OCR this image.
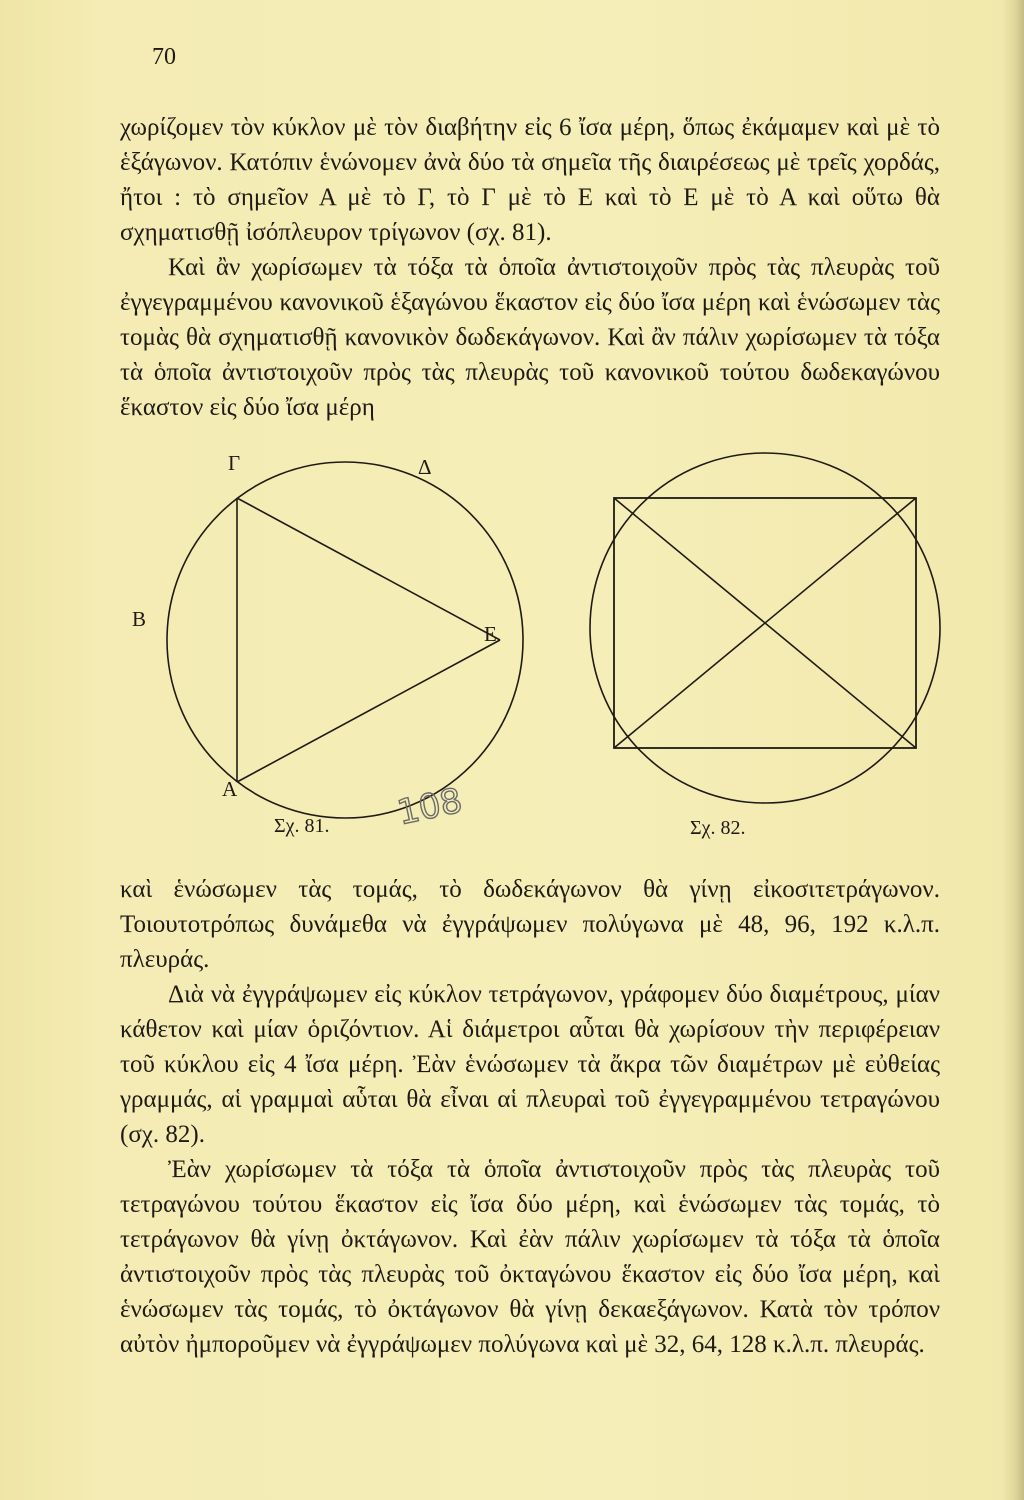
70

χωρίζομεν τὸν κύκλον μὲ τὸν διαβήτην εἰς 6 ἴσα μέρη, ὅπως ἐκάμαμεν καὶ μὲ τὸ ἑξάγωνον. Κατόπιν ἑνώνομεν ἀνὰ δύο τὰ σημεῖα τῆς διαιρέσεως μὲ τρεῖς χορδάς, ἤτοι : τὸ σημεῖον Α μὲ τὸ Γ, τὸ Γ μὲ τὸ Ε καὶ τὸ Ε μὲ τὸ Α καὶ οὕτω θὰ σχηματισθῇ ἰσόπλευρον τρίγωνον (σχ. 81).

Καὶ ἂν χωρίσωμεν τὰ τόξα τὰ ὁποῖα ἀντιστοιχοῦν πρὸς τὰς πλευρὰς τοῦ ἐγγεγραμμένου κανονικοῦ ἑξαγώνου ἕκαστον εἰς δύο ἴσα μέρη καὶ ἑνώσωμεν τὰς τομὰς θὰ σχηματισθῇ κανονικὸν δωδεκάγωνον. Καὶ ἂν πάλιν χωρίσωμεν τὰ τόξα τὰ ὁποῖα ἀντιστοιχοῦν πρὸς τὰς πλευρὰς τοῦ κανονικοῦ τούτου δωδεκαγώνου ἕκαστον εἰς δύο ἴσα μέρη

Γ	Δ
Β
Ε
Α
Σχ. 81. 108	Σχ. 82.

καὶ ἑνώσωμεν τὰς τομάς, τὸ δωδεκάγωνον θὰ γίνῃ εἰκοσιτετράγωνον. Τοιουτοτρόπως δυνάμεθα νὰ ἐγγράψωμεν πολύγωνα μὲ 48, 96, 192 κ.λ.π. πλευράς.

Διὰ νὰ ἐγγράψωμεν εἰς κύκλον τετράγωνον, γράφομεν δύο διαμέτρους, μίαν κάθετον καὶ μίαν ὁριζόντιον. Αἱ διάμετροι αὗται θὰ χωρίσουν τὴν περιφέρειαν τοῦ κύκλου εἰς 4 ἴσα μέρη. Ἐὰν ἑνώσωμεν τὰ ἄκρα τῶν διαμέτρων μὲ εὐθείας γραμμάς, αἱ γραμμαὶ αὗται θὰ εἶναι αἱ πλευραὶ τοῦ ἐγγεγραμμένου τετραγώνου (σχ. 82).

Ἐὰν χωρίσωμεν τὰ τόξα τὰ ὁποῖα ἀντιστοιχοῦν πρὸς τὰς πλευρὰς τοῦ τετραγώνου τούτου ἕκαστον εἰς ἴσα δύο μέρη, καὶ ἑνώσωμεν τὰς τομάς, τὸ τετράγωνον θὰ γίνῃ ὀκτάγωνον. Καὶ ἐὰν πάλιν χωρίσωμεν τὰ τόξα τὰ ὁποῖα ἀντιστοιχοῦν πρὸς τὰς πλευρὰς τοῦ ὀκταγώνου ἕκαστον εἰς δύο ἴσα μέρη, καὶ ἑνώσωμεν τὰς τομάς, τὸ ὀκτάγωνον θὰ γίνῃ δεκαεξάγωνον. Κατὰ τὸν τρόπον αὐτὸν ἠμποροῦμεν νὰ ἐγγράψωμεν πολύγωνα καὶ μὲ 32, 64, 128 κ.λ.π. πλευράς.
